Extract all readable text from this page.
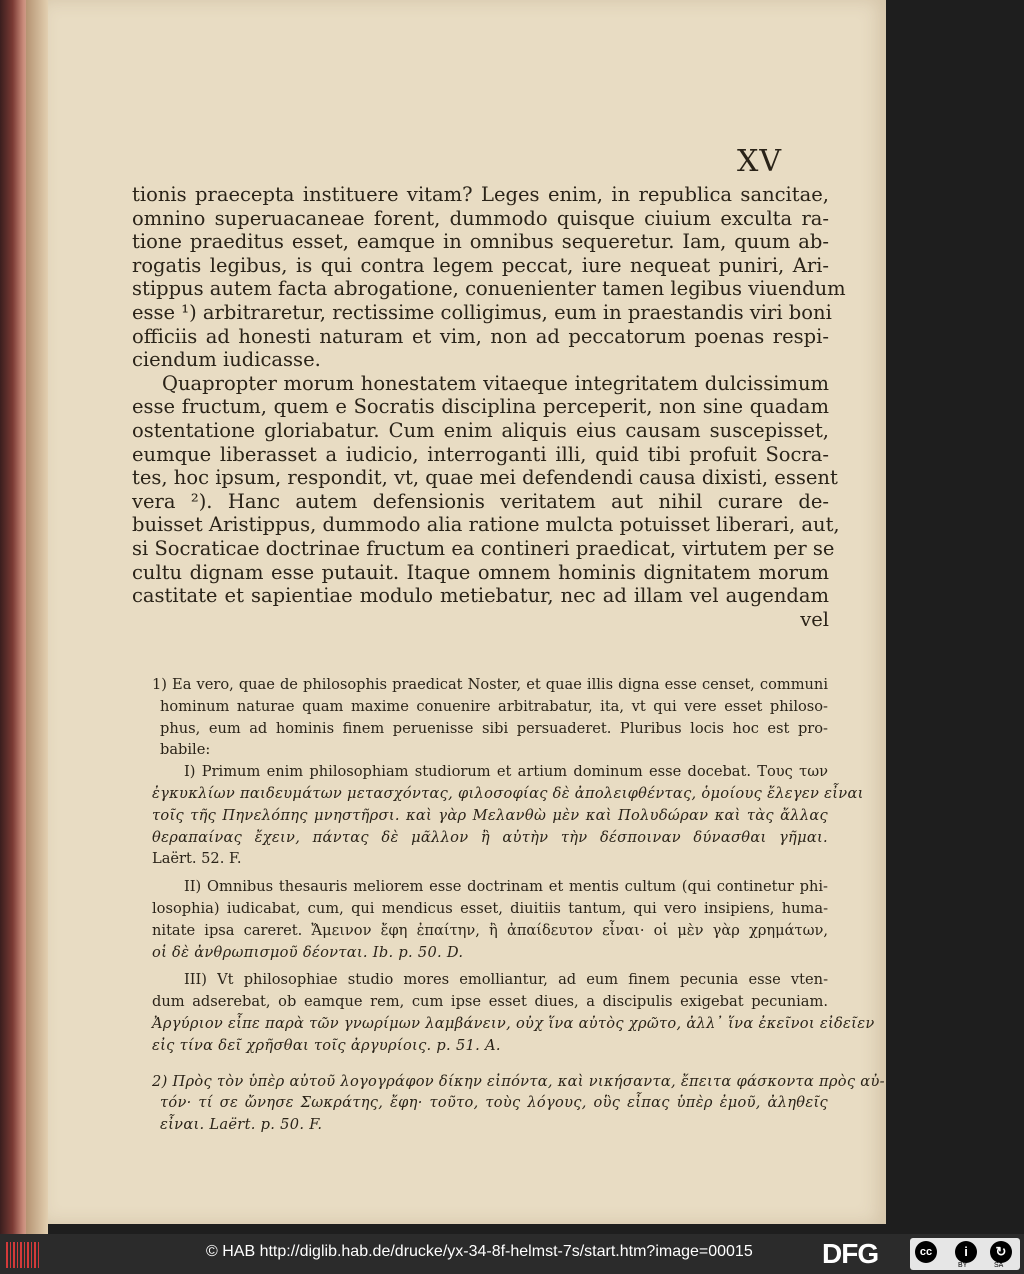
XV
tionis praecepta instituere vitam? Leges enim, in republica sancitae,
omnino superuacaneae forent, dummodo quisque ciuium exculta ra-
tione praeditus esset, eamque in omnibus sequeretur. Iam, quum ab-
rogatis legibus, is qui contra legem peccat, iure nequeat puniri, Ari-
stippus autem facta abrogatione, conuenienter tamen legibus viuendum
esse ¹) arbitraretur, rectissime colligimus, eum in praestandis viri boni
officiis ad honesti naturam et vim, non ad peccatorum poenas respi-
ciendum iudicasse.
Quapropter morum honestatem vitaeque integritatem dulcissimum
esse fructum, quem e Socratis disciplina perceperit, non sine quadam
ostentatione gloriabatur. Cum enim aliquis eius causam suscepisset,
eumque liberasset a iudicio, interroganti illi, quid tibi profuit Socra-
tes, hoc ipsum, respondit, vt, quae mei defendendi causa dixisti, essent
vera ²). Hanc autem defensionis veritatem aut nihil curare de-
buisset Aristippus, dummodo alia ratione mulcta potuisset liberari, aut,
si Socraticae doctrinae fructum ea contineri praedicat, virtutem per se
cultu dignam esse putauit. Itaque omnem hominis dignitatem morum
castitate et sapientiae modulo metiebatur, nec ad illam vel augendam
vel
1) Ea vero, quae de philosophis praedicat Noster, et quae illis digna esse censet, communi
hominum naturae quam maxime conuenire arbitrabatur, ita, vt qui vere esset philoso-
phus, eum ad hominis finem peruenisse sibi persuaderet. Pluribus locis hoc est pro-
babile:
I) Primum enim philosophiam studiorum et artium dominum esse docebat. Τους των
ἐγκυκλίων παιδευμάτων μετασχόντας, φιλοσοφίας δὲ ἀπολειφθέντας, ὁμοίους ἔλεγεν εἶναι
τοῖς τῆς Πηνελόπης μνηστῆρσι. καὶ γὰρ Μελανθὼ μὲν καὶ Πολυδώραν καὶ τὰς ἄλλας
θεραπαίνας ἔχειν, πάντας δὲ μᾶλλον ἢ αὐτὴν τὴν δέσποιναν δύνασθαι γῆμαι.
Laërt. 52. F.
II) Omnibus thesauris meliorem esse doctrinam et mentis cultum (qui continetur phi-
losophia) iudicabat, cum, qui mendicus esset, diuitiis tantum, qui vero insipiens, huma-
nitate ipsa careret. Ἄμεινον ἔφη ἐπαίτην, ἢ ἀπαίδευτον εἶναι· οἱ μὲν γὰρ χρημάτων,
οἱ δὲ ἀνθρωπισμοῦ δέονται. Ib. p. 50. D.
III) Vt philosophiae studio mores emolliantur, ad eum finem pecunia esse vten-
dum adserebat, ob eamque rem, cum ipse esset diues, a discipulis exigebat pecuniam.
Ἀργύριον εἶπε παρὰ τῶν γνωρίμων λαμβάνειν, οὐχ ἵνα αὐτὸς χρῶτο, ἀλλ᾽ ἵνα ἐκεῖνοι εἰδεῖεν
εἰς τίνα δεῖ χρῆσθαι τοῖς ἀργυρίοις. p. 51. A.
2) Πρὸς τὸν ὑπὲρ αὐτοῦ λογογράφον δίκην εἰπόντα, καὶ νικήσαντα, ἔπειτα φάσκοντα πρὸς αὐ-
τόν· τί σε ὤνησε Σωκράτης, ἔφη· τοῦτο, τοὺς λόγους, οὓς εἶπας ὑπὲρ ἐμοῦ, ἀληθεῖς
εἶναι. Laërt. p. 50. F.
© HAB http://diglib.hab.de/drucke/yx-34-8f-helmst-7s/start.htm?image=00015 DFG	cc	i	↻
BY	SA
